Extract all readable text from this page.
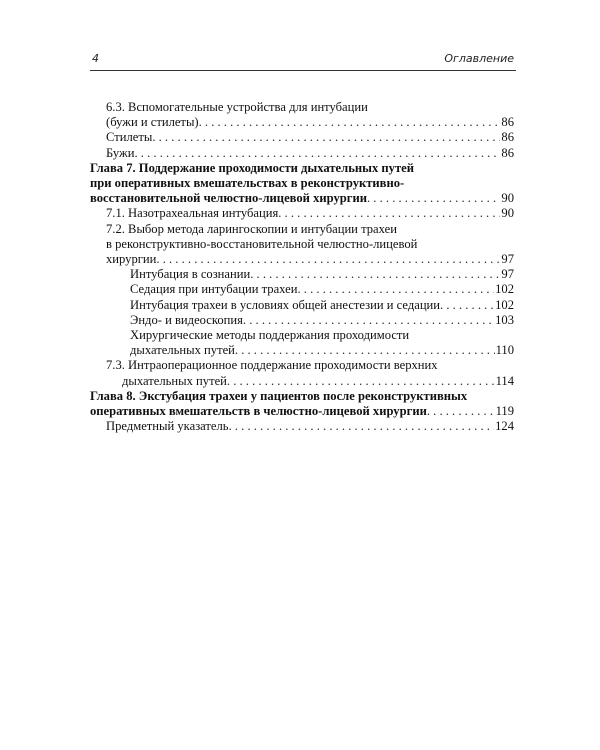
4	Оглавление
6.3. Вспомогательные устройства для интубации
(бужи и стилеты) . . .	86
Стилеты . . .	86
Бужи . . .	86
Глава 7. Поддержание проходимости дыхательных путей
при оперативных вмешательствах в реконструктивно-
восстановительной челюстно-лицевой хирургии . . .	90
7.1. Назотрахеальная интубация . . .	90
7.2. Выбор метода ларингоскопии и интубации трахеи
в реконструктивно-восстановительной челюстно-лицевой
хирургии . . .	97
Интубация в сознании . . .	97
Седация при интубации трахеи . . .	102
Интубация трахеи в условиях общей анестезии и седации . . .	102
Эндо- и видеоскопия . . .	103
Хирургические методы поддержания проходимости
дыхательных путей . . .	110
7.3. Интраоперационное поддержание проходимости верхних
дыхательных путей . . .	114
Глава 8. Экстубация трахеи у пациентов после реконструктивных
оперативных вмешательств в челюстно-лицевой хирургии . . .	119
Предметный указатель . . .	124
